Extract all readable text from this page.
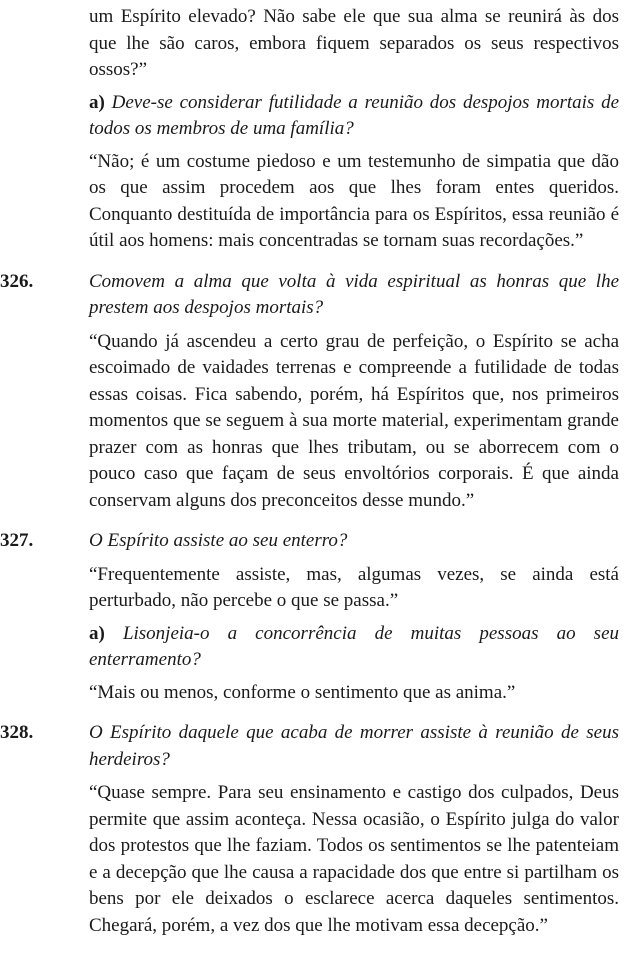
um Espírito elevado? Não sabe ele que sua alma se reunirá às dos que lhe são caros, embora fiquem separados os seus respectivos ossos?”

a) Deve-se considerar futilidade a reunião dos despojos mortais de todos os membros de uma família?

“Não; é um costume piedoso e um testemunho de simpatia que dão os que assim procedem aos que lhes foram entes queridos. Conquanto destituída de importância para os Espíritos, essa reunião é útil aos homens: mais concentradas se tornam suas recordações.”

326.	Comovem a alma que volta à vida espiritual as honras que lhe prestem aos despojos mortais?

“Quando já ascendeu a certo grau de perfeição, o Espírito se acha escoimado de vaidades terrenas e compreende a futilidade de todas essas coisas. Fica sabendo, porém, há Espíritos que, nos primeiros momentos que se seguem à sua morte material, experimentam grande prazer com as honras que lhes tributam, ou se aborrecem com o pouco caso que façam de seus envoltórios corporais. É que ainda conservam alguns dos preconceitos desse mundo.”

327.	O Espírito assiste ao seu enterro?

“Frequentemente assiste, mas, algumas vezes, se ainda está perturbado, não percebe o que se passa.”

a) Lisonjeia-o a concorrência de muitas pessoas ao seu enterramento?

“Mais ou menos, conforme o sentimento que as anima.”

328.	O Espírito daquele que acaba de morrer assiste à reunião de seus herdeiros?

“Quase sempre. Para seu ensinamento e castigo dos culpados, Deus permite que assim aconteça. Nessa ocasião, o Espírito julga do valor dos protestos que lhe faziam. Todos os sentimentos se lhe patenteiam e a decepção que lhe causa a rapacidade dos que entre si partilham os bens por ele deixados o esclarece acerca daqueles sentimentos. Chegará, porém, a vez dos que lhe motivam essa decepção.”
